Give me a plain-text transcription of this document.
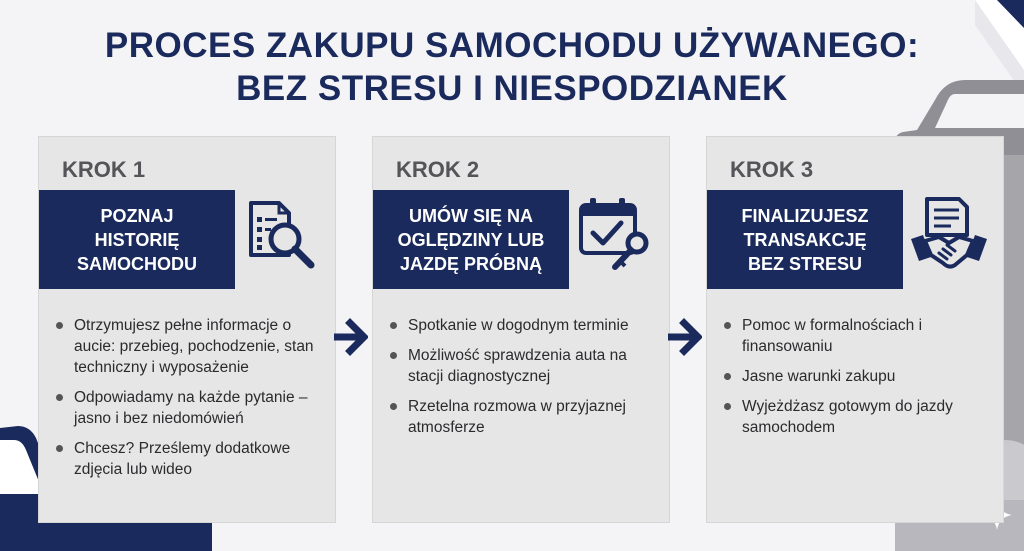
PROCES ZAKUPU SAMOCHODU UŻYWANEGO:
BEZ STRESU I NIESPODZIANEK
KROK 1
POZNAJ
HISTORIĘ
SAMOCHODU
Otrzymujesz pełne informacje o aucie: przebieg, pochodzenie, stan techniczny i wyposażenie
Odpowiadamy na każde pytanie – jasno i bez niedomówień
Chcesz? Prześlemy dodatkowe zdjęcia lub wideo
KROK 2
UMÓW SIĘ NA
OGLĘDZINY LUB
JAZDĘ PRÓBNĄ
Spotkanie w dogodnym terminie
Możliwość sprawdzenia auta na stacji diagnostycznej
Rzetelna rozmowa w przyjaznej atmosferze
KROK 3
FINALIZUJESZ
TRANSAKCJĘ
BEZ STRESU
Pomoc w formalnościach i finansowaniu
Jasne warunki zakupu
Wyjeżdżasz gotowym do jazdy samochodem
